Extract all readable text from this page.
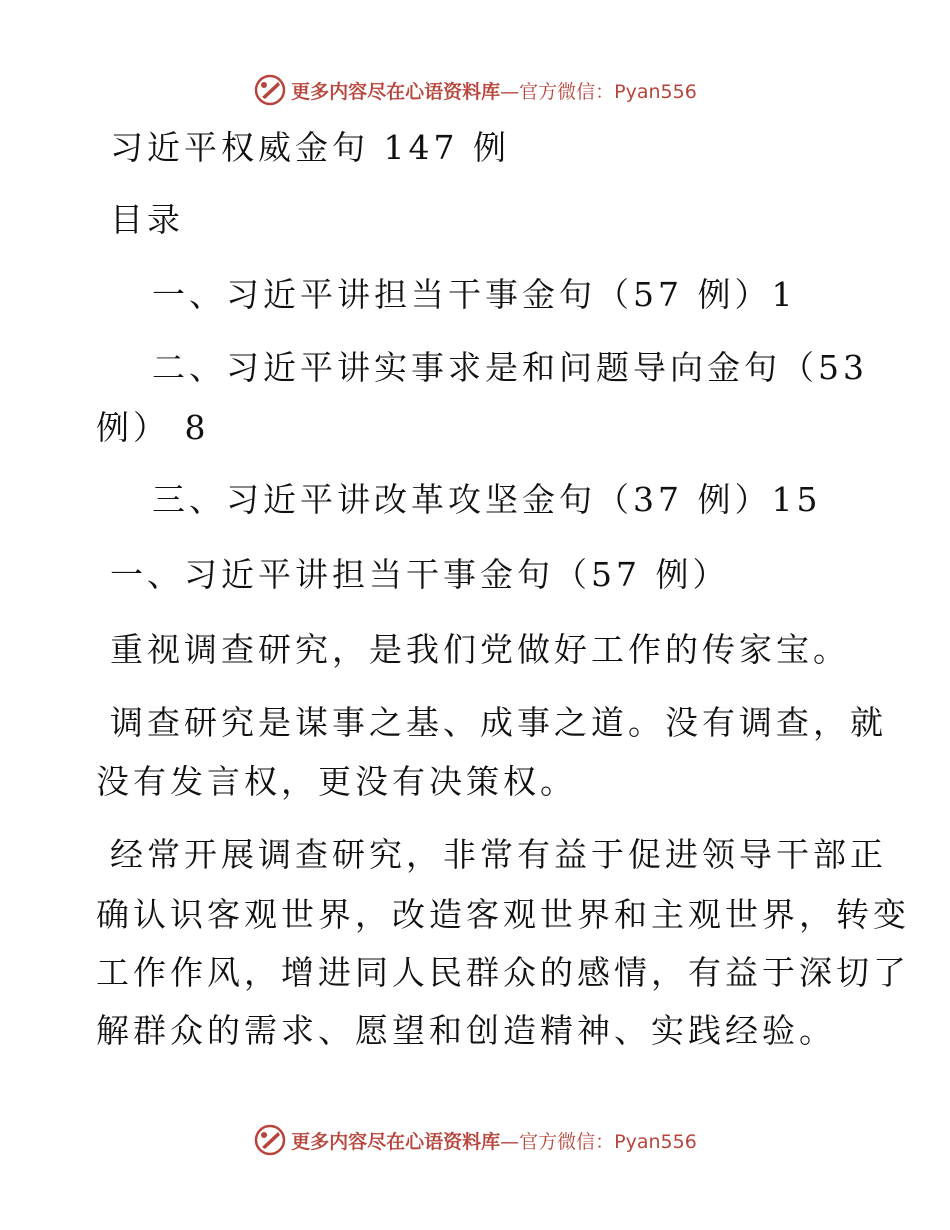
更多内容尽在心语资料库 —官方微信：Pyan556
习近平权威金句 147 例
目录
一、习近平讲担当干事金句（57 例）1
二、习近平讲实事求是和问题导向金句（53
例） 8
三、习近平讲改革攻坚金句（37 例）15
一、习近平讲担当干事金句（57 例）
重视调查研究，是我们党做好工作的传家宝。
调查研究是谋事之基、成事之道。没有调查，就
没有发言权，更没有决策权。
经常开展调查研究，非常有益于促进领导干部正
确认识客观世界，改造客观世界和主观世界，转变
工作作风，增进同人民群众的感情，有益于深切了
解群众的需求、愿望和创造精神、实践经验。
更多内容尽在心语资料库 —官方微信：Pyan556
